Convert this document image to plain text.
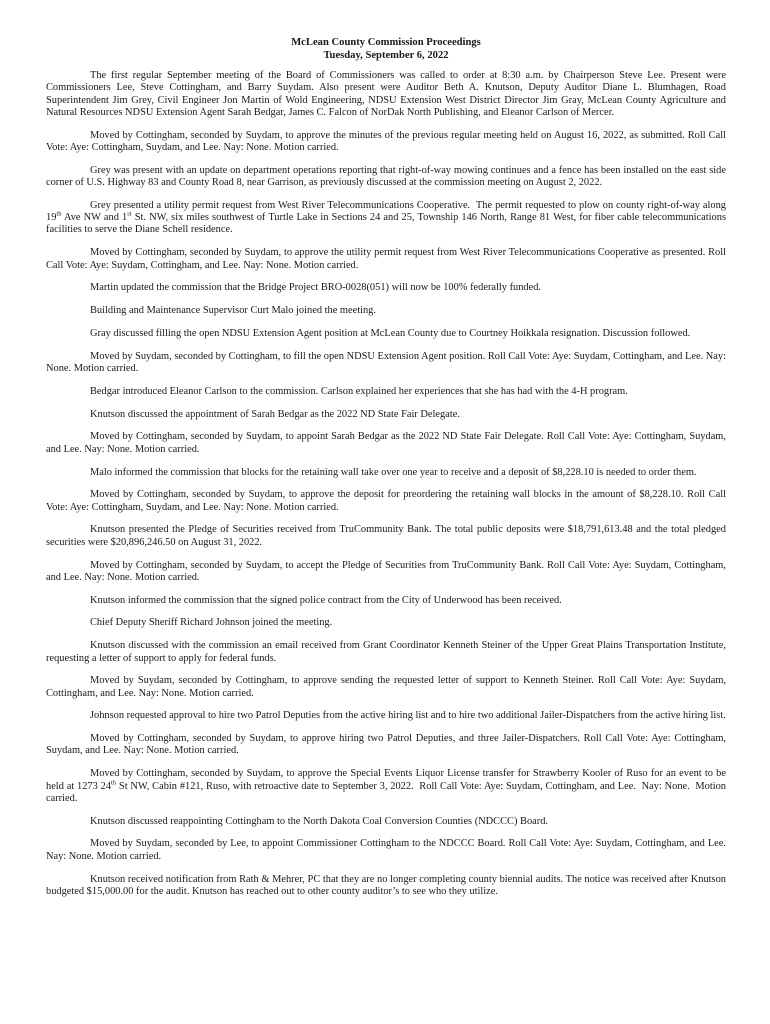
McLean County Commission Proceedings

Tuesday, September 6, 2022

The first regular September meeting of the Board of Commissioners was called to order at 8:30 a.m. by Chairperson Steve Lee. Present were Commissioners Lee, Steve Cottingham, and Barry Suydam. Also present were Auditor Beth A. Knutson, Deputy Auditor Diane L. Blumhagen, Road Superintendent Jim Grey, Civil Engineer Jon Martin of Wold Engineering, NDSU Extension West District Director Jim Gray, McLean County Agriculture and Natural Resources NDSU Extension Agent Sarah Bedgar, James C. Falcon of NorDak North Publishing, and Eleanor Carlson of Mercer.

Moved by Cottingham, seconded by Suydam, to approve the minutes of the previous regular meeting held on August 16, 2022, as submitted. Roll Call Vote: Aye: Cottingham, Suydam, and Lee. Nay: None. Motion carried.

Grey was present with an update on department operations reporting that right-of-way mowing continues and a fence has been installed on the east side corner of U.S. Highway 83 and County Road 8, near Garrison, as previously discussed at the commission meeting on August 2, 2022.

Grey presented a utility permit request from West River Telecommunications Cooperative.  The permit requested to plow on county right-of-way along 19th Ave NW and 1st St. NW, six miles southwest of Turtle Lake in Sections 24 and 25, Township 146 North, Range 81 West, for fiber cable telecommunications facilities to serve the Diane Schell residence.

Moved by Cottingham, seconded by Suydam, to approve the utility permit request from West River Telecommunications Cooperative as presented. Roll Call Vote: Aye: Suydam, Cottingham, and Lee. Nay: None. Motion carried.

Martin updated the commission that the Bridge Project BRO-0028(051) will now be 100% federally funded.

Building and Maintenance Supervisor Curt Malo joined the meeting.

Gray discussed filling the open NDSU Extension Agent position at McLean County due to Courtney Hoikkala resignation. Discussion followed.

Moved by Suydam, seconded by Cottingham, to fill the open NDSU Extension Agent position. Roll Call Vote: Aye: Suydam, Cottingham, and Lee. Nay: None. Motion carried.

Bedgar introduced Eleanor Carlson to the commission. Carlson explained her experiences that she has had with the 4-H program.

Knutson discussed the appointment of Sarah Bedgar as the 2022 ND State Fair Delegate.

Moved by Cottingham, seconded by Suydam, to appoint Sarah Bedgar as the 2022 ND State Fair Delegate. Roll Call Vote: Aye: Cottingham, Suydam, and Lee. Nay: None. Motion carried.

Malo informed the commission that blocks for the retaining wall take over one year to receive and a deposit of $8,228.10 is needed to order them.

Moved by Cottingham, seconded by Suydam, to approve the deposit for preordering the retaining wall blocks in the amount of $8,228.10. Roll Call Vote: Aye: Cottingham, Suydam, and Lee. Nay: None. Motion carried.

Knutson presented the Pledge of Securities received from TruCommunity Bank. The total public deposits were $18,791,613.48 and the total pledged securities were $20,896,246.50 on August 31, 2022.

Moved by Cottingham, seconded by Suydam, to accept the Pledge of Securities from TruCommunity Bank. Roll Call Vote: Aye: Suydam, Cottingham, and Lee. Nay: None. Motion carried.

Knutson informed the commission that the signed police contract from the City of Underwood has been received.

Chief Deputy Sheriff Richard Johnson joined the meeting.

Knutson discussed with the commission an email received from Grant Coordinator Kenneth Steiner of the Upper Great Plains Transportation Institute, requesting a letter of support to apply for federal funds.

Moved by Suydam, seconded by Cottingham, to approve sending the requested letter of support to Kenneth Steiner. Roll Call Vote: Aye: Suydam, Cottingham, and Lee. Nay: None. Motion carried.

Johnson requested approval to hire two Patrol Deputies from the active hiring list and to hire two additional Jailer-Dispatchers from the active hiring list.

Moved by Cottingham, seconded by Suydam, to approve hiring two Patrol Deputies, and three Jailer-Dispatchers. Roll Call Vote: Aye: Cottingham, Suydam, and Lee. Nay: None. Motion carried.

Moved by Cottingham, seconded by Suydam, to approve the Special Events Liquor License transfer for Strawberry Kooler of Ruso for an event to be held at 1273 24th St NW, Cabin #121, Ruso, with retroactive date to September 3, 2022.  Roll Call Vote: Aye: Suydam, Cottingham, and Lee.  Nay: None.  Motion carried.

Knutson discussed reappointing Cottingham to the North Dakota Coal Conversion Counties (NDCCC) Board.

Moved by Suydam, seconded by Lee, to appoint Commissioner Cottingham to the NDCCC Board. Roll Call Vote: Aye: Suydam, Cottingham, and Lee. Nay: None. Motion carried.

Knutson received notification from Rath & Mehrer, PC that they are no longer completing county biennial audits. The notice was received after Knutson budgeted $15,000.00 for the audit. Knutson has reached out to other county auditor’s to see who they utilize.
